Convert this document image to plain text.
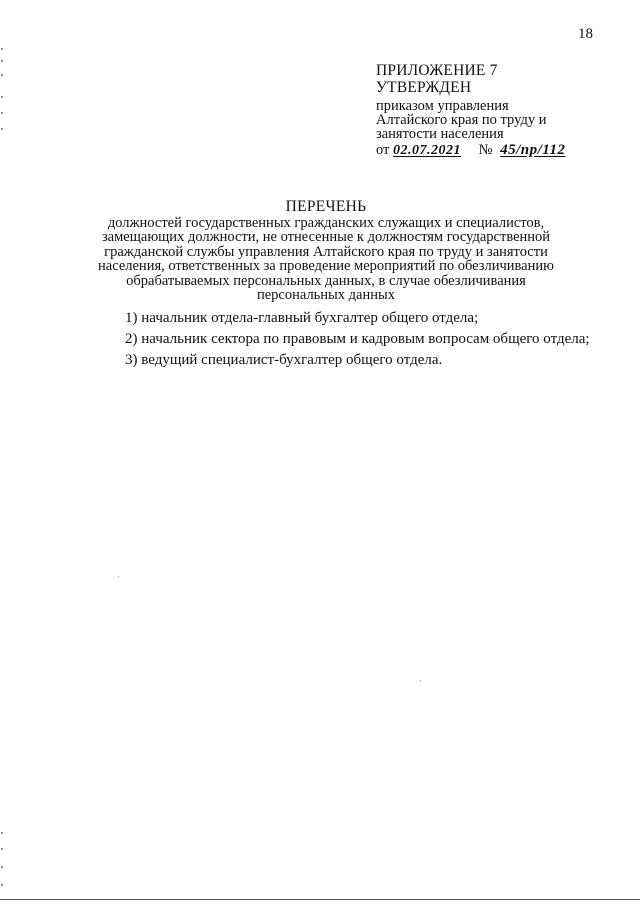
18
ПРИЛОЖЕНИЕ 7
УТВЕРЖДЕН
приказом управления
Алтайского края по труду и
занятости населения
от 02.07.2021 № 45/пр/112
ПЕРЕЧЕНЬ
должностей государственных гражданских служащих и специалистов,
замещающих должности, не отнесенные к должностям государственной
гражданской службы управления Алтайского края по труду и занятости
населения, ответственных за проведение мероприятий по обезличиванию
обрабатываемых персональных данных, в случае обезличивания
персональных данных
1) начальник отдела-главный бухгалтер общего отдела;
2) начальник сектора по правовым и кадровым вопросам общего отдела;
3) ведущий специалист-бухгалтер общего отдела.
